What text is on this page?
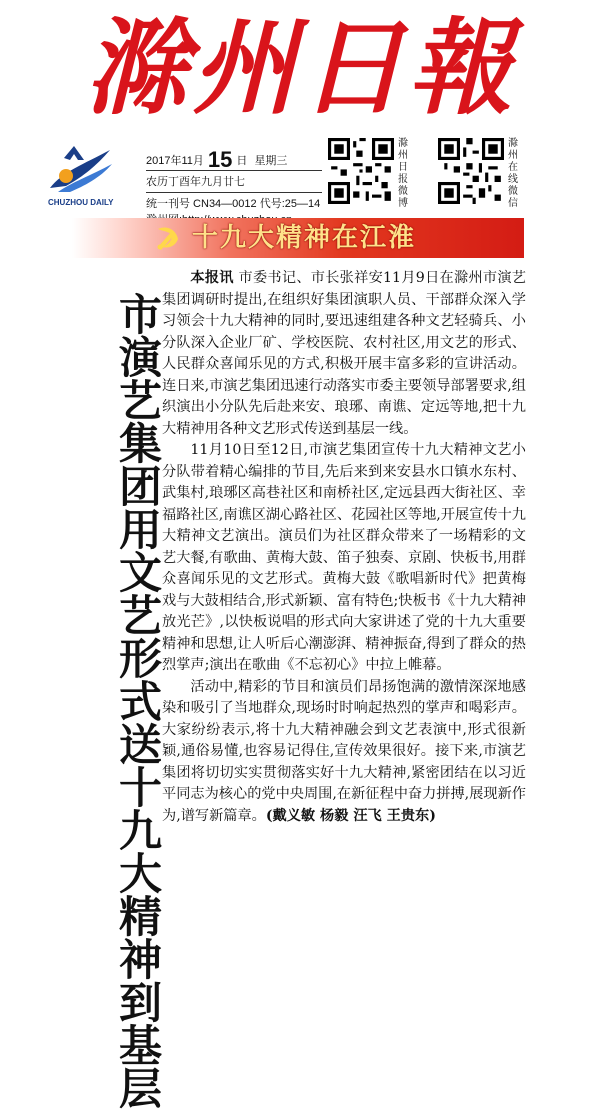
滁州日報
CHUZHOU DAILY
2017年11月 15 日 星期三
农历丁酉年九月廿七
统一刊号 CN34—0012 代号:25—14
滁州日报微博
滁州在线微信
十九大精神在江淮
市演艺集团用文艺形式送十九大精神到基层

本报讯 市委书记、市长张祥安11月9日在滁州市演艺集团调研时提出,在组织好集团演职人员、干部群众深入学习领会十九大精神的同时,要迅速组建各种文艺轻骑兵、小分队深入企业厂矿、学校医院、农村社区,用文艺的形式、人民群众喜闻乐见的方式,积极开展丰富多彩的宣讲活动。连日来,市演艺集团迅速行动落实市委主要领导部署要求,组织演出小分队先后赴来安、琅琊、南谯、定远等地,把十九大精神用各种文艺形式传送到基层一线。

11月10日至12日,市演艺集团宣传十九大精神文艺小分队带着精心编排的节目,先后来到来安县水口镇水东村、武集村,琅琊区高巷社区和南桥社区,定远县西大街社区、幸福路社区,南谯区湖心路社区、花园社区等地,开展宣传十九大精神文艺演出。演员们为社区群众带来了一场精彩的文艺大餐,有歌曲、黄梅大鼓、笛子独奏、京剧、快板书,用群众喜闻乐见的文艺形式。黄梅大鼓《歌唱新时代》把黄梅戏与大鼓相结合,形式新颖、富有特色;快板书《十九大精神放光芒》,以快板说唱的形式向大家讲述了党的十九大重要精神和思想,让人听后心潮澎湃、精神振奋,得到了群众的热烈掌声;演出在歌曲《不忘初心》中拉上帷幕。

活动中,精彩的节目和演员们昂扬饱满的激情深深地感染和吸引了当地群众,现场时时响起热烈的掌声和喝彩声。大家纷纷表示,将十九大精神融会到文艺表演中,形式很新颖,通俗易懂,也容易记得住,宣传效果很好。接下来,市演艺集团将切切实实贯彻落实好十九大精神,紧密团结在以习近平同志为核心的党中央周围,在新征程中奋力拼搏,展现新作为,谱写新篇章。(戴义敏 杨毅 汪飞 王贵东)
